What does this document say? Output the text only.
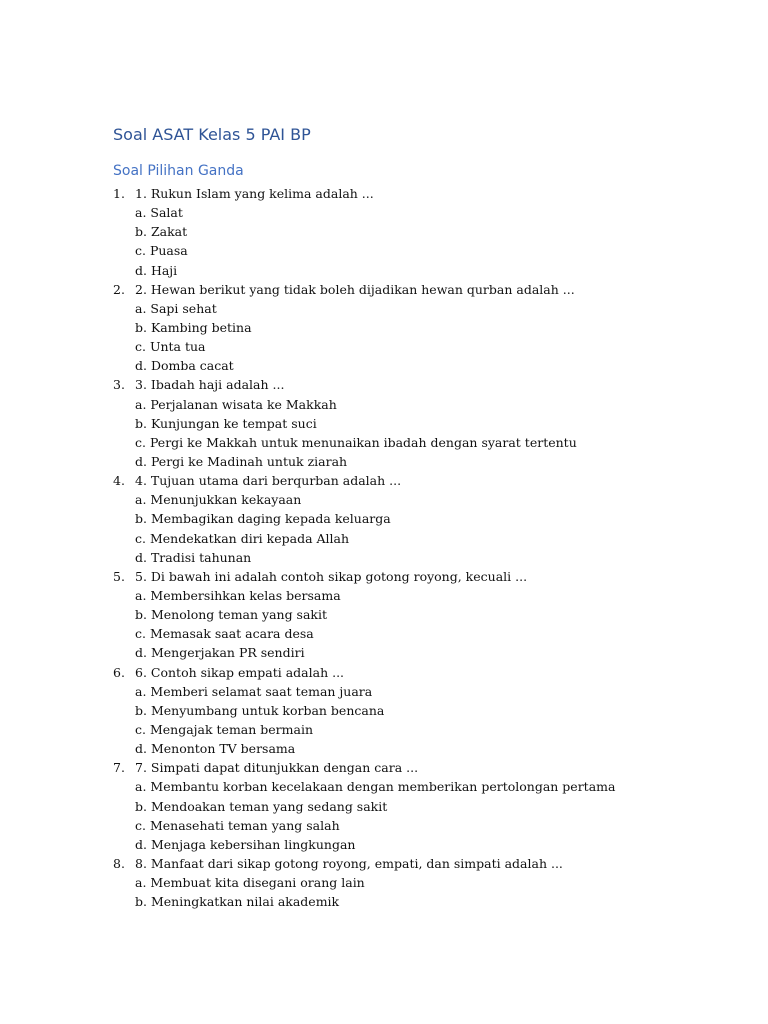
Soal ASAT Kelas 5 PAI BP
Soal Pilihan Ganda
1. 1. Rukun Islam yang kelima adalah ...
a. Salat
b. Zakat
c. Puasa
d. Haji
2. 2. Hewan berikut yang tidak boleh dijadikan hewan qurban adalah ...
a. Sapi sehat
b. Kambing betina
c. Unta tua
d. Domba cacat
3. 3. Ibadah haji adalah ...
a. Perjalanan wisata ke Makkah
b. Kunjungan ke tempat suci
c. Pergi ke Makkah untuk menunaikan ibadah dengan syarat tertentu
d. Pergi ke Madinah untuk ziarah
4. 4. Tujuan utama dari berqurban adalah ...
a. Menunjukkan kekayaan
b. Membagikan daging kepada keluarga
c. Mendekatkan diri kepada Allah
d. Tradisi tahunan
5. 5. Di bawah ini adalah contoh sikap gotong royong, kecuali ...
a. Membersihkan kelas bersama
b. Menolong teman yang sakit
c. Memasak saat acara desa
d. Mengerjakan PR sendiri
6. 6. Contoh sikap empati adalah ...
a. Memberi selamat saat teman juara
b. Menyumbang untuk korban bencana
c. Mengajak teman bermain
d. Menonton TV bersama
7. 7. Simpati dapat ditunjukkan dengan cara ...
a. Membantu korban kecelakaan dengan memberikan pertolongan pertama
b. Mendoakan teman yang sedang sakit
c. Menasehati teman yang salah
d. Menjaga kebersihan lingkungan
8. 8. Manfaat dari sikap gotong royong, empati, dan simpati adalah ...
a. Membuat kita disegani orang lain
b. Meningkatkan nilai akademik
